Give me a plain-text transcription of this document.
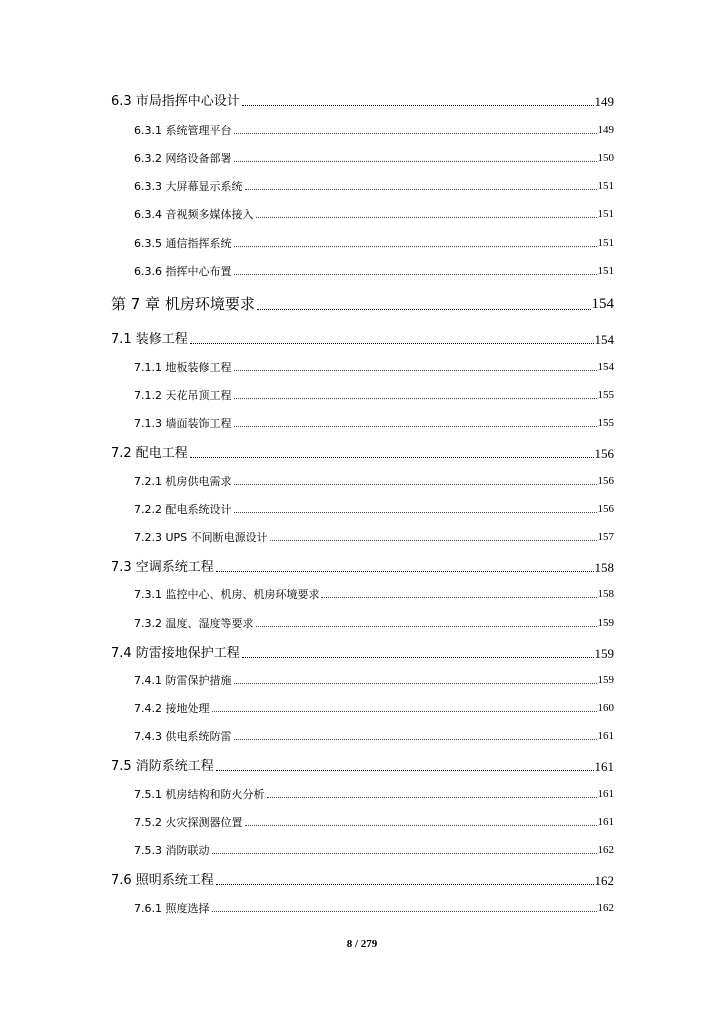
6.3 市局指挥中心设计	149
6.3.1 系统管理平台	149
6.3.2 网络设备部署	150
6.3.3 大屏幕显示系统	151
6.3.4 音视频多媒体接入	151
6.3.5 通信指挥系统	151
6.3.6 指挥中心布置	151
第 7 章 机房环境要求	154
7.1 装修工程	154
7.1.1 地板装修工程	154
7.1.2 天花吊顶工程	155
7.1.3 墙面装饰工程	155
7.2 配电工程	156
7.2.1 机房供电需求	156
7.2.2 配电系统设计	156
7.2.3 UPS 不间断电源设计	157
7.3 空调系统工程	158
7.3.1 监控中心、机房、机房环境要求	158
7.3.2 温度、湿度等要求	159
7.4 防雷接地保护工程	159
7.4.1 防雷保护措施	159
7.4.2 接地处理	160
7.4.3 供电系统防雷	161
7.5 消防系统工程	161
7.5.1 机房结构和防火分析	161
7.5.2 火灾探测器位置	161
7.5.3 消防联动	162
7.6 照明系统工程	162
7.6.1 照度选择	162
8 / 279
